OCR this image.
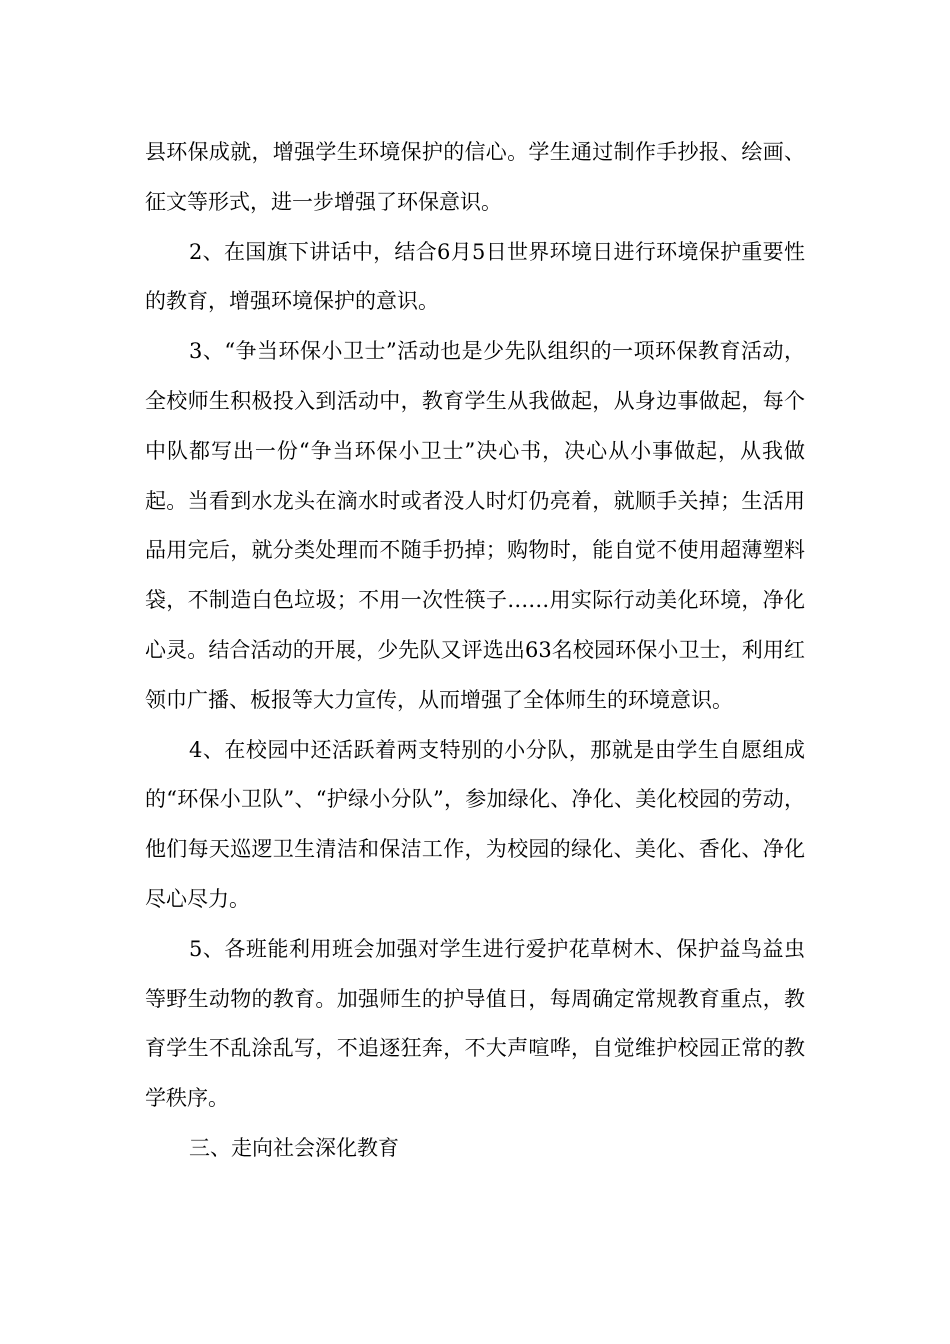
县环保成就，增强学生环境保护的信心。学生通过制作手抄报、绘画、征文等形式，进一步增强了环保意识。

2、在国旗下讲话中，结合6月5日世界环境日进行环境保护重要性的教育，增强环境保护的意识。

3、“争当环保小卫士”活动也是少先队组织的一项环保教育活动，全校师生积极投入到活动中，教育学生从我做起，从身边事做起，每个中队都写出一份“争当环保小卫士”决心书，决心从小事做起，从我做起。当看到水龙头在滴水时或者没人时灯仍亮着，就顺手关掉；生活用品用完后，就分类处理而不随手扔掉；购物时，能自觉不使用超薄塑料袋，不制造白色垃圾；不用一次性筷子……用实际行动美化环境，净化心灵。结合活动的开展，少先队又评选出63名校园环保小卫士，利用红领巾广播、板报等大力宣传，从而增强了全体师生的环境意识。

4、在校园中还活跃着两支特别的小分队，那就是由学生自愿组成的“环保小卫队”、“护绿小分队”，参加绿化、净化、美化校园的劳动，他们每天巡逻卫生清洁和保洁工作，为校园的绿化、美化、香化、净化尽心尽力。

5、各班能利用班会加强对学生进行爱护花草树木、保护益鸟益虫等野生动物的教育。加强师生的护导值日，每周确定常规教育重点，教育学生不乱涂乱写，不追逐狂奔，不大声喧哗，自觉维护校园正常的教学秩序。

三、走向社会深化教育
